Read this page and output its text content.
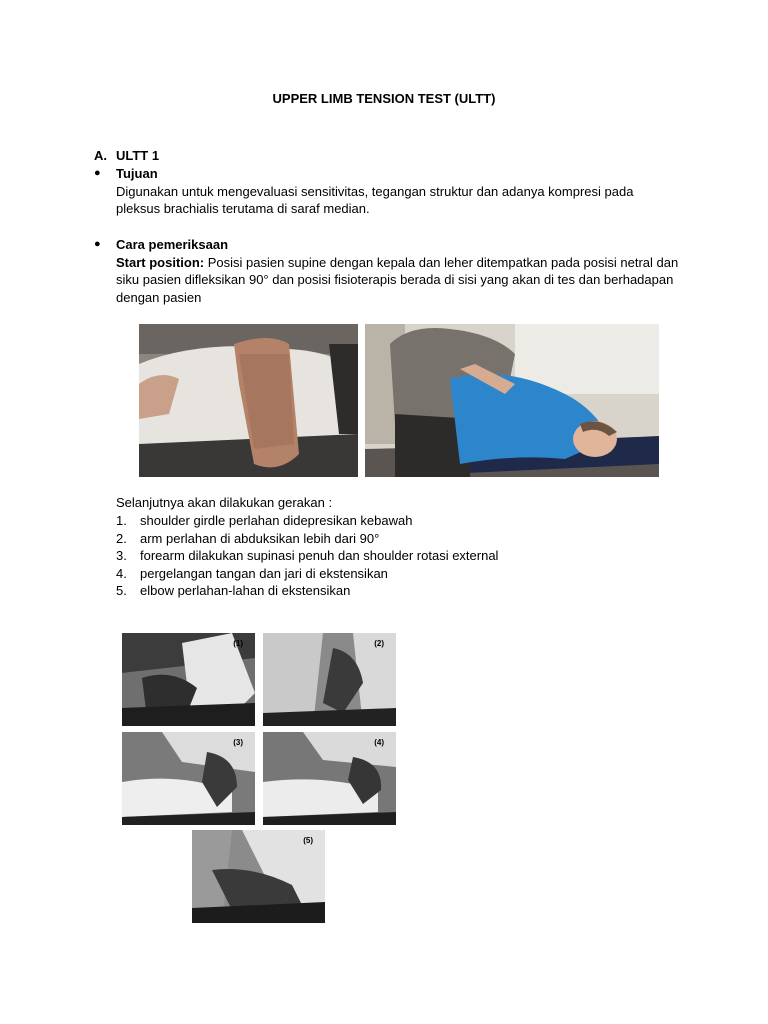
UPPER LIMB TENSION TEST (ULTT)
A. ULTT 1
● Tujuan
Digunakan untuk mengevaluasi sensitivitas, tegangan struktur dan adanya kompresi pada
pleksus brachialis terutama di saraf median.
● Cara pemeriksaan
Start position: Posisi pasien supine dengan kepala dan leher ditempatkan pada posisi netral dan
siku pasien difleksikan 90° dan posisi fisioterapis berada di sisi yang akan di tes dan berhadapan
dengan pasien
Selanjutnya akan dilakukan gerakan :
1. shoulder girdle perlahan didepresikan kebawah
2. arm perlahan di abduksikan lebih dari 90°
3. forearm dilakukan supinasi penuh dan shoulder rotasi external
4. pergelangan tangan dan jari di ekstensikan
5. elbow perlahan-lahan di ekstensikan
(1)	(2)
(3)	(4)
(5)
